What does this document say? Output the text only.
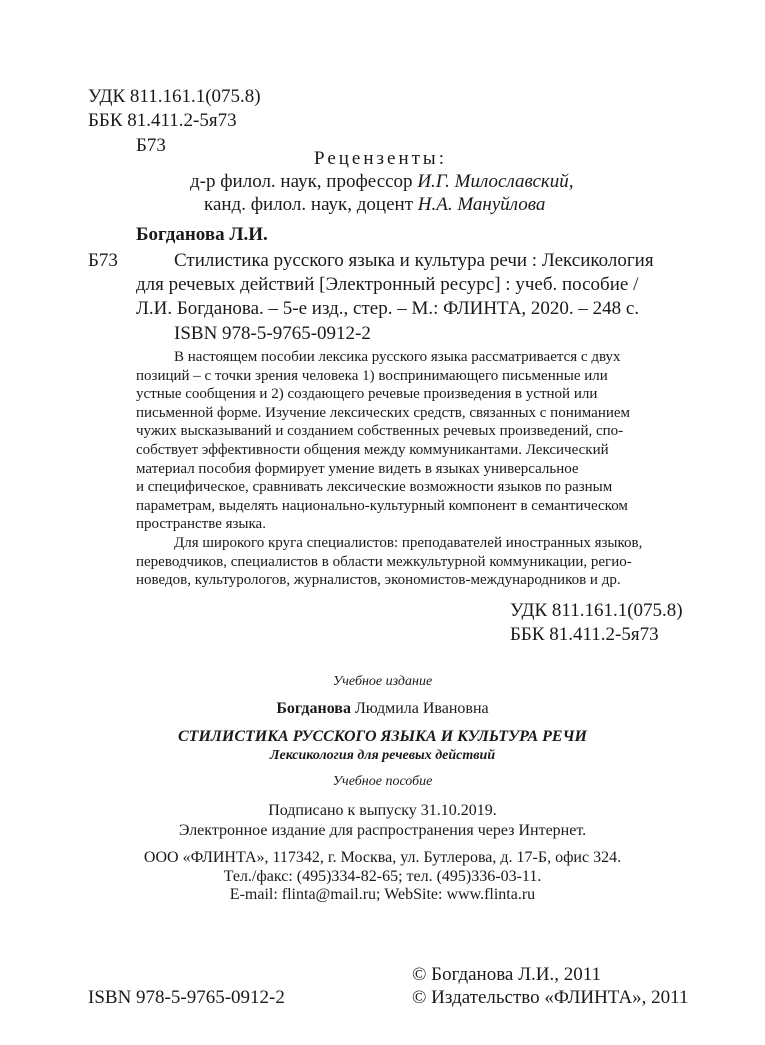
УДК 811.161.1(075.8)
ББК 81.411.2-5я73
Б73
Рецензенты:
д-р филол. наук, профессор И.Г. Милославский,
канд. филол. наук, доцент Н.А. Мануйлова
Богданова Л.И.
Б73	Стилистика русского языка и культура речи : Лексикология
для речевых действий [Электронный ресурс] : учеб. пособие /
Л.И. Богданова. – 5-е изд., стер. – М.: ФЛИНТА, 2020. – 248 с.
ISBN 978-5-9765-0912-2
В настоящем пособии лексика русского языка рассматривается с двух
позиций – с точки зрения человека 1) воспринимающего письменные или
устные сообщения и 2) создающего речевые произведения в устной или
письменной форме. Изучение лексических средств, связанных с пониманием
чужих высказываний и созданием собственных речевых произведений, спо-
собствует эффективности общения между коммуникантами. Лексический
материал пособия формирует умение видеть в языках универсальное
и специфическое, сравнивать лексические возможности языков по разным
параметрам, выделять национально-культурный компонент в семантическом
пространстве языка.
Для широкого круга специалистов: преподавателей иностранных языков,
переводчиков, специалистов в области межкультурной коммуникации, регио-
новедов, культурологов, журналистов, экономистов-международников и др.
УДК 811.161.1(075.8)
ББК 81.411.2-5я73
Учебное издание
Богданова Людмила Ивановна
СТИЛИСТИКА РУССКОГО ЯЗЫКА И КУЛЬТУРА РЕЧИ
Лексикология для речевых действий
Учебное пособие
Подписано к выпуску 31.10.2019.
Электронное издание для распространения через Интернет.
ООО «ФЛИНТА», 117342, г. Москва, ул. Бутлерова, д. 17-Б, офис 324.
Тел./факс: (495)334-82-65; тел. (495)336-03-11.
E-mail: flinta@mail.ru; WebSite: www.flinta.ru
ISBN 978-5-9765-0912-2
© Богданова Л.И., 2011
© Издательство «ФЛИНТА», 2011
